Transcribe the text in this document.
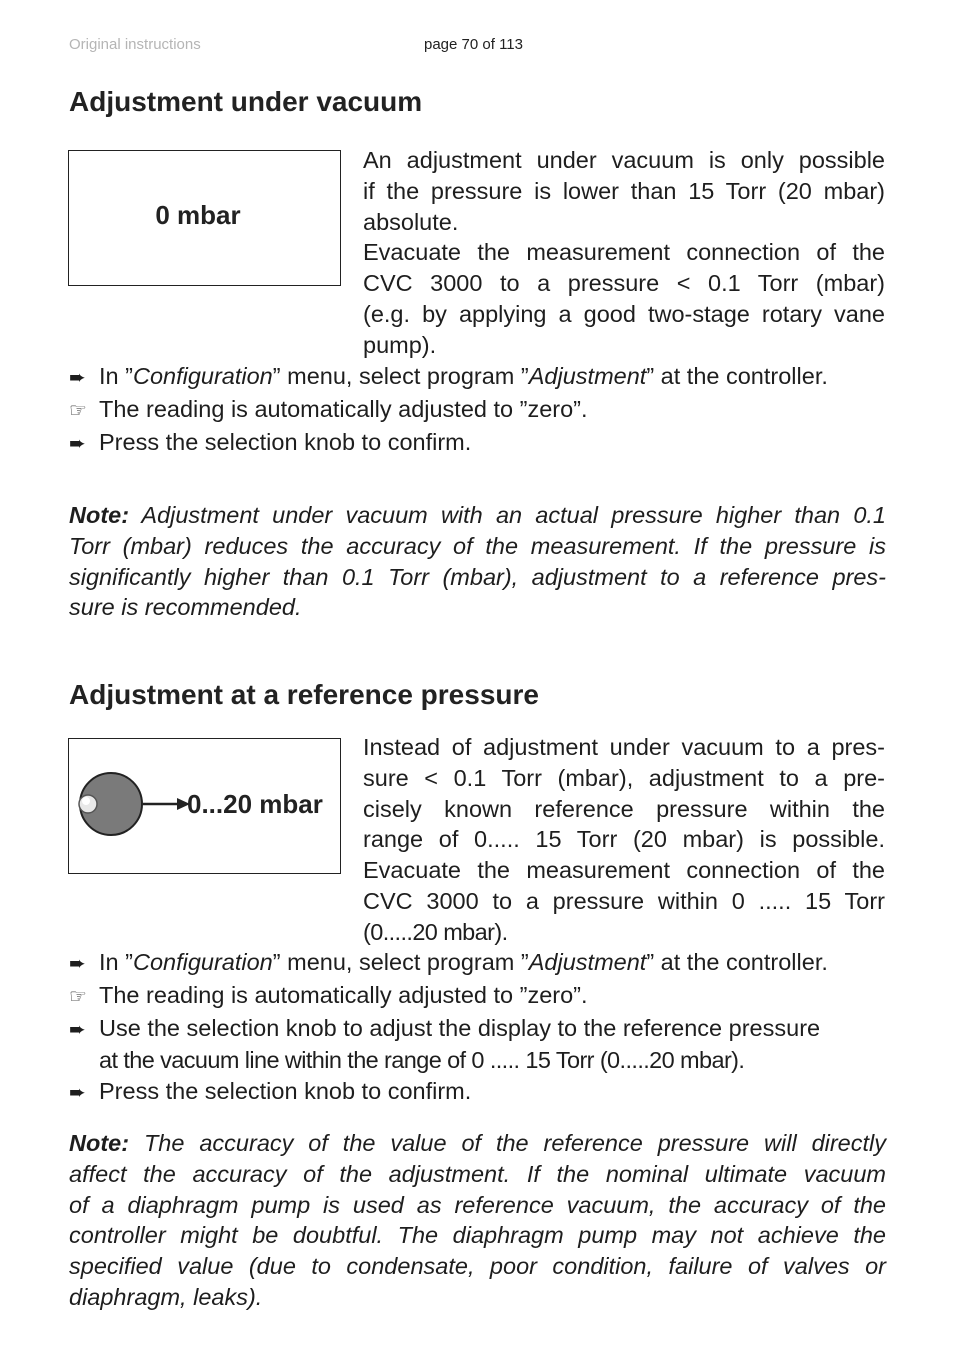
Original instructions	page 70 of 113
Adjustment under vacuum
0 mbar
An adjustment under vacuum is only possible
if the pressure is lower than 15 Torr (20 mbar)
absolute.
Evacuate the measurement connection of the
CVC 3000 to a pressure < 0.1 Torr (mbar)
(e.g. by applying a good two-stage rotary vane
pump).
➨ In ”Configuration” menu, select program ”Adjustment” at the controller.
☞ The reading is automatically adjusted to ”zero”.
➨ Press the selection knob to confirm.
Note: Adjustment under vacuum with an actual pressure higher than 0.1
Torr (mbar) reduces the accuracy of the measurement. If the pressure is
significantly higher than 0.1 Torr (mbar), adjustment to a reference pres-
sure is recommended.
Adjustment at a reference pressure
0...20 mbar
Instead of adjustment under vacuum to a pres-
sure < 0.1 Torr (mbar), adjustment to a pre-
cisely known reference pressure within the
range of 0..... 15 Torr (20 mbar) is possible.
Evacuate the measurement connection of the
CVC 3000 to a pressure within 0 ..... 15 Torr
(0.....20 mbar).
➨ In ”Configuration” menu, select program ”Adjustment” at the controller.
☞ The reading is automatically adjusted to ”zero”.
➨ Use the selection knob to adjust the display to the reference pressure
at the vacuum line within the range of 0 ..... 15 Torr (0.....20 mbar).
➨ Press the selection knob to confirm.
Note: The accuracy of the value of the reference pressure will directly
affect the accuracy of the adjustment. If the nominal ultimate vacuum
of a diaphragm pump is used as reference vacuum, the accuracy of the
controller might be doubtful. The diaphragm pump may not achieve the
specified value (due to condensate, poor condition, failure of valves or
diaphragm, leaks).
